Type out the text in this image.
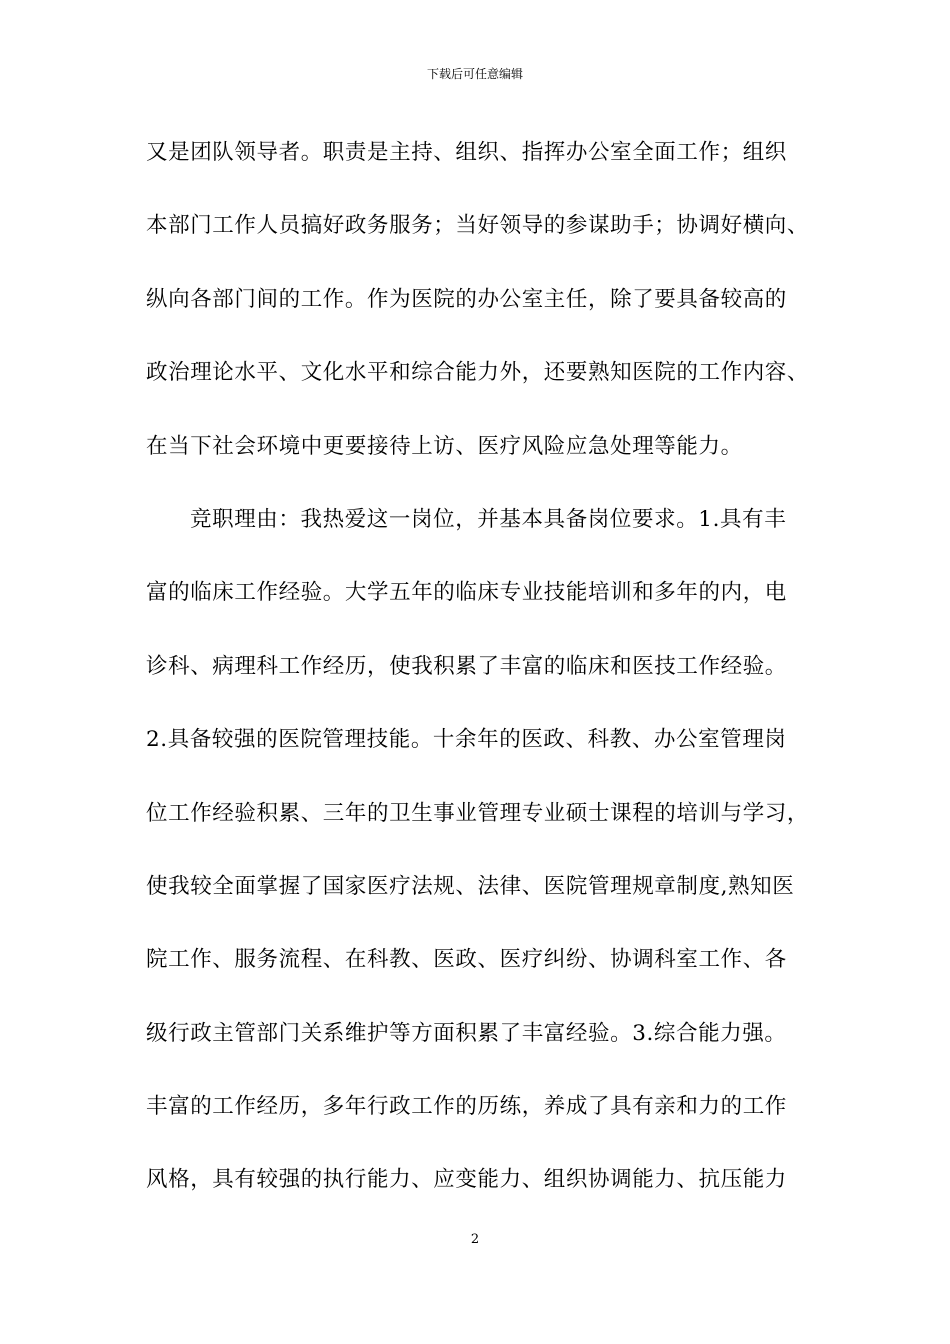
下载后可任意编辑
又是团队领导者。职责是主持、组织、指挥办公室全面工作；组织
本部门工作人员搞好政务服务；当好领导的参谋助手；协调好横向、
纵向各部门间的工作。作为医院的办公室主任，除了要具备较高的
政治理论水平、文化水平和综合能力外，还要熟知医院的工作内容、
在当下社会环境中更要接待上访、医疗风险应急处理等能力。
竞职理由：我热爱这一岗位，并基本具备岗位要求。1.具有丰
富的临床工作经验。大学五年的临床专业技能培训和多年的内，电
诊科、病理科工作经历，使我积累了丰富的临床和医技工作经验。
2.具备较强的医院管理技能。十余年的医政、科教、办公室管理岗
位工作经验积累、三年的卫生事业管理专业硕士课程的培训与学习，
使我较全面掌握了国家医疗法规、法律、医院管理规章制度,熟知医
院工作、服务流程、在科教、医政、医疗纠纷、协调科室工作、各
级行政主管部门关系维护等方面积累了丰富经验。3.综合能力强。
丰富的工作经历，多年行政工作的历练，养成了具有亲和力的工作
风格，具有较强的执行能力、应变能力、组织协调能力、抗压能力
2
